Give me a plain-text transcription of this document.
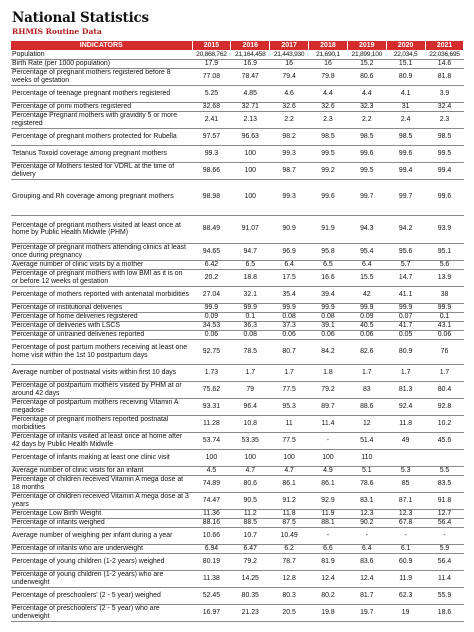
National Statistics
RHMIS Routine Data
INDICATORS	2015	2016	2017	2018	2019	2020	2021
Population	20,868,762	21,164,458	21,443,930	21,690,1	21,899,100	22,034,5	22,036,695
Birth Rate (per 1000 population)	17.9	16.9	16	16	15.2	15.1	14.6
Percentage of pregnant mothers registered before 8 weeks of gestation	77.08	78.47	79.4	79.8	80.6	80.9	81.8
Percentage of teenage pregnant mothers registered	5.25	4.85	4.6	4.4	4.4	4.1	3.9
Percentage of primi mothers registered	32.68	32.71	32.6	32.6	32.3	31	32.4
Percentage Pregnant mothers with gravidity 5 or more registered	2.41	2.13	2.2	2.3	2.2	2.4	2.3
Percentage of pregnant mothers protected for Rubella	97.57	96.63	98.2	98.5	98.5	98.5	98.5
Tetanus Toxoid coverage among pregnant mothers	99.3	100	99.3	99.5	99.6	99.6	99.5
Percentage of Mothers tested for VDRL at the time of delivery	98.66	100	98.7	99.2	99.5	99.4	99.4
Grouping and Rh coverage among pregnant mothers	98.98	100	99.3	99.6	99.7	99.7	99.6
Percentage of pregnant mothers visited at least once at home by Public Health Midwife (PHM)	88.49	91.07	90.9	91.9	94.3	94.2	93.9
Percentage of pregnant mothers attending clinics at least once during pregnancy	94.65	94.7	96.9	95.8	95.4	95.6	95.1
Average number of clinic visits by a mother	6.42	6.5	6.4	6.5	6.4	5.7	5.6
Percentage of pregnant mothers with low BMI as it is on or before 12 weeks of gestation	20.2	18.8	17.5	16.6	15.5	14.7	13.9
Percentage of mothers reported with antenatal morbidities	27.04	32.1	35.4	39.4	42	41.1	38
Percentage of institutional deliveries	99.9	99.9	99.9	99.9	99.9	99.9	99.9
Percentage of home deliveries registered	0.09	0.1	0.08	0.08	0.09	0.07	0.1
Percentage of deliveries with LSCS	34.53	36.3	37.3	39.1	40.5	41.7	43.1
Percentage of untrained deliveries reported	0.06	0.08	0.06	0.06	0.06	0.05	0.06
Percentage of post partum mothers receiving at least one home visit within the 1st 10 postpartum days	92.75	78.5	80.7	84.2	82.6	80.9	76
Average number of postnatal visits within first 10 days	1.73	1.7	1.7	1.8	1.7	1.7	1.7
Percentage of postpartum mothers visited by PHM at or around 42 days	75.62	79	77.5	79.2	83	81.3	80.4
Percentage of postpartum mothers receiving Vitamin A megadose	93.31	96.4	95.3	89.7	88.6	92.4	92.8
Percentage of pregnant mothers reported postnatal morbidities	11.28	10.8	11	11.4	12	11.8	10.2
Percentage of infants visited at least once at home after 42 days by Public Health Midwife	53.74	53.35	77.5	-	51.4	49	45.6
Percentage of infants making at least one clinic visit	100	100	100	100	110		
Average number of clinic visits for an infant	4.5	4.7	4.7	4.9	5.1	5.3	5.5
Percentage of children received Vitamin A mega dose at 18 months	74.89	80.6	86.1	86.1	78.6	85	83.5
Percentage of children received Vitamin A mega dose at 3 years	74.47	90.5	91.2	92.9	83.1	87.1	91.8
Percentage Low Birth Weight	11.36	11.2	11.8	11.9	12.3	12.3	12.7
Percentage of infants weighed	88.16	88.5	87.5	88.1	90.2	67.8	56.4
Average number of weighing per infant during a year	10.66	10.7	10.49	-	-	-	-
Percentage of infants who are underweight	6.94	6.47	6.2	6.6	6.4	6.1	5.9
Percentage of young children (1-2 years) weighed	80.19	79.2	78.7	81.9	83.6	60.9	56.4
Percentage of young children (1-2 years) who are underweight	11.38	14.25	12.8	12.4	12.4	11.9	11.4
Percentage of preschoolers' (2 - 5 year) weighed	52.45	80.35	80.3	80.2	81.7	62.3	55.9
Percentage of preschoolers' (2 - 5 year) who are underweight	16.97	21.23	20.5	19.8	19.7	19	18.6
